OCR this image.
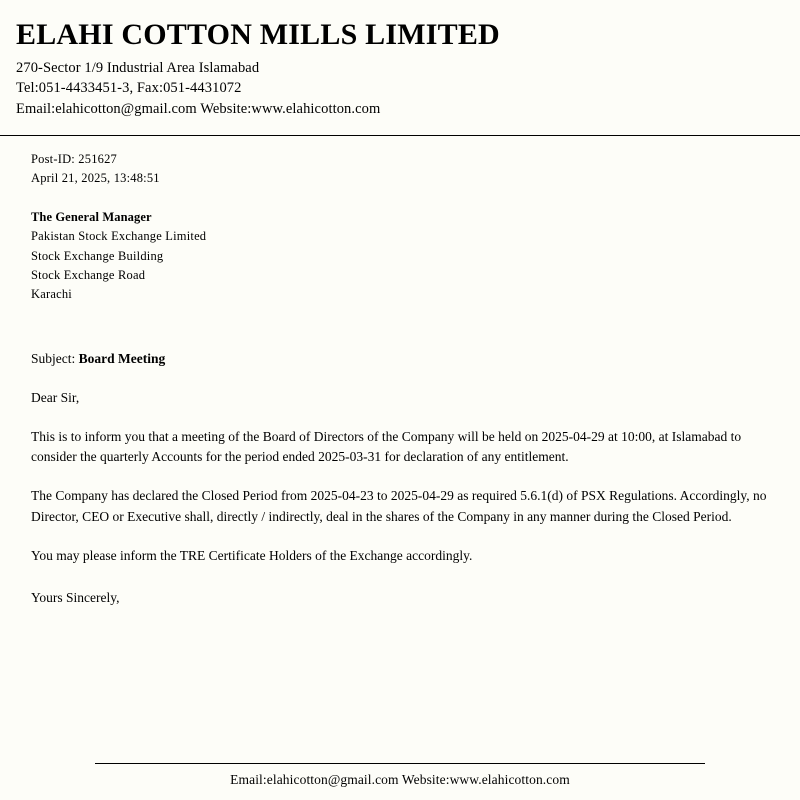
ELAHI COTTON MILLS LIMITED
270-Sector 1/9 Industrial Area Islamabad
Tel:051-4433451-3, Fax:051-4431072
Email:elahicotton@gmail.com Website:www.elahicotton.com
Post-ID: 251627
April 21, 2025, 13:48:51
The General Manager
Pakistan Stock Exchange Limited
Stock Exchange Building
Stock Exchange Road
Karachi
Subject: Board Meeting
Dear Sir,

This is to inform you that a meeting of the Board of Directors of the Company will be held on 2025-04-29 at 10:00, at Islamabad to consider the quarterly Accounts for the period ended 2025-03-31 for declaration of any entitlement.

The Company has declared the Closed Period from 2025-04-23 to 2025-04-29 as required 5.6.1(d) of PSX Regulations. Accordingly, no Director, CEO or Executive shall, directly / indirectly, deal in the shares of the Company in any manner during the Closed Period.

You may please inform the TRE Certificate Holders of the Exchange accordingly.

Yours Sincerely,
Email:elahicotton@gmail.com Website:www.elahicotton.com
